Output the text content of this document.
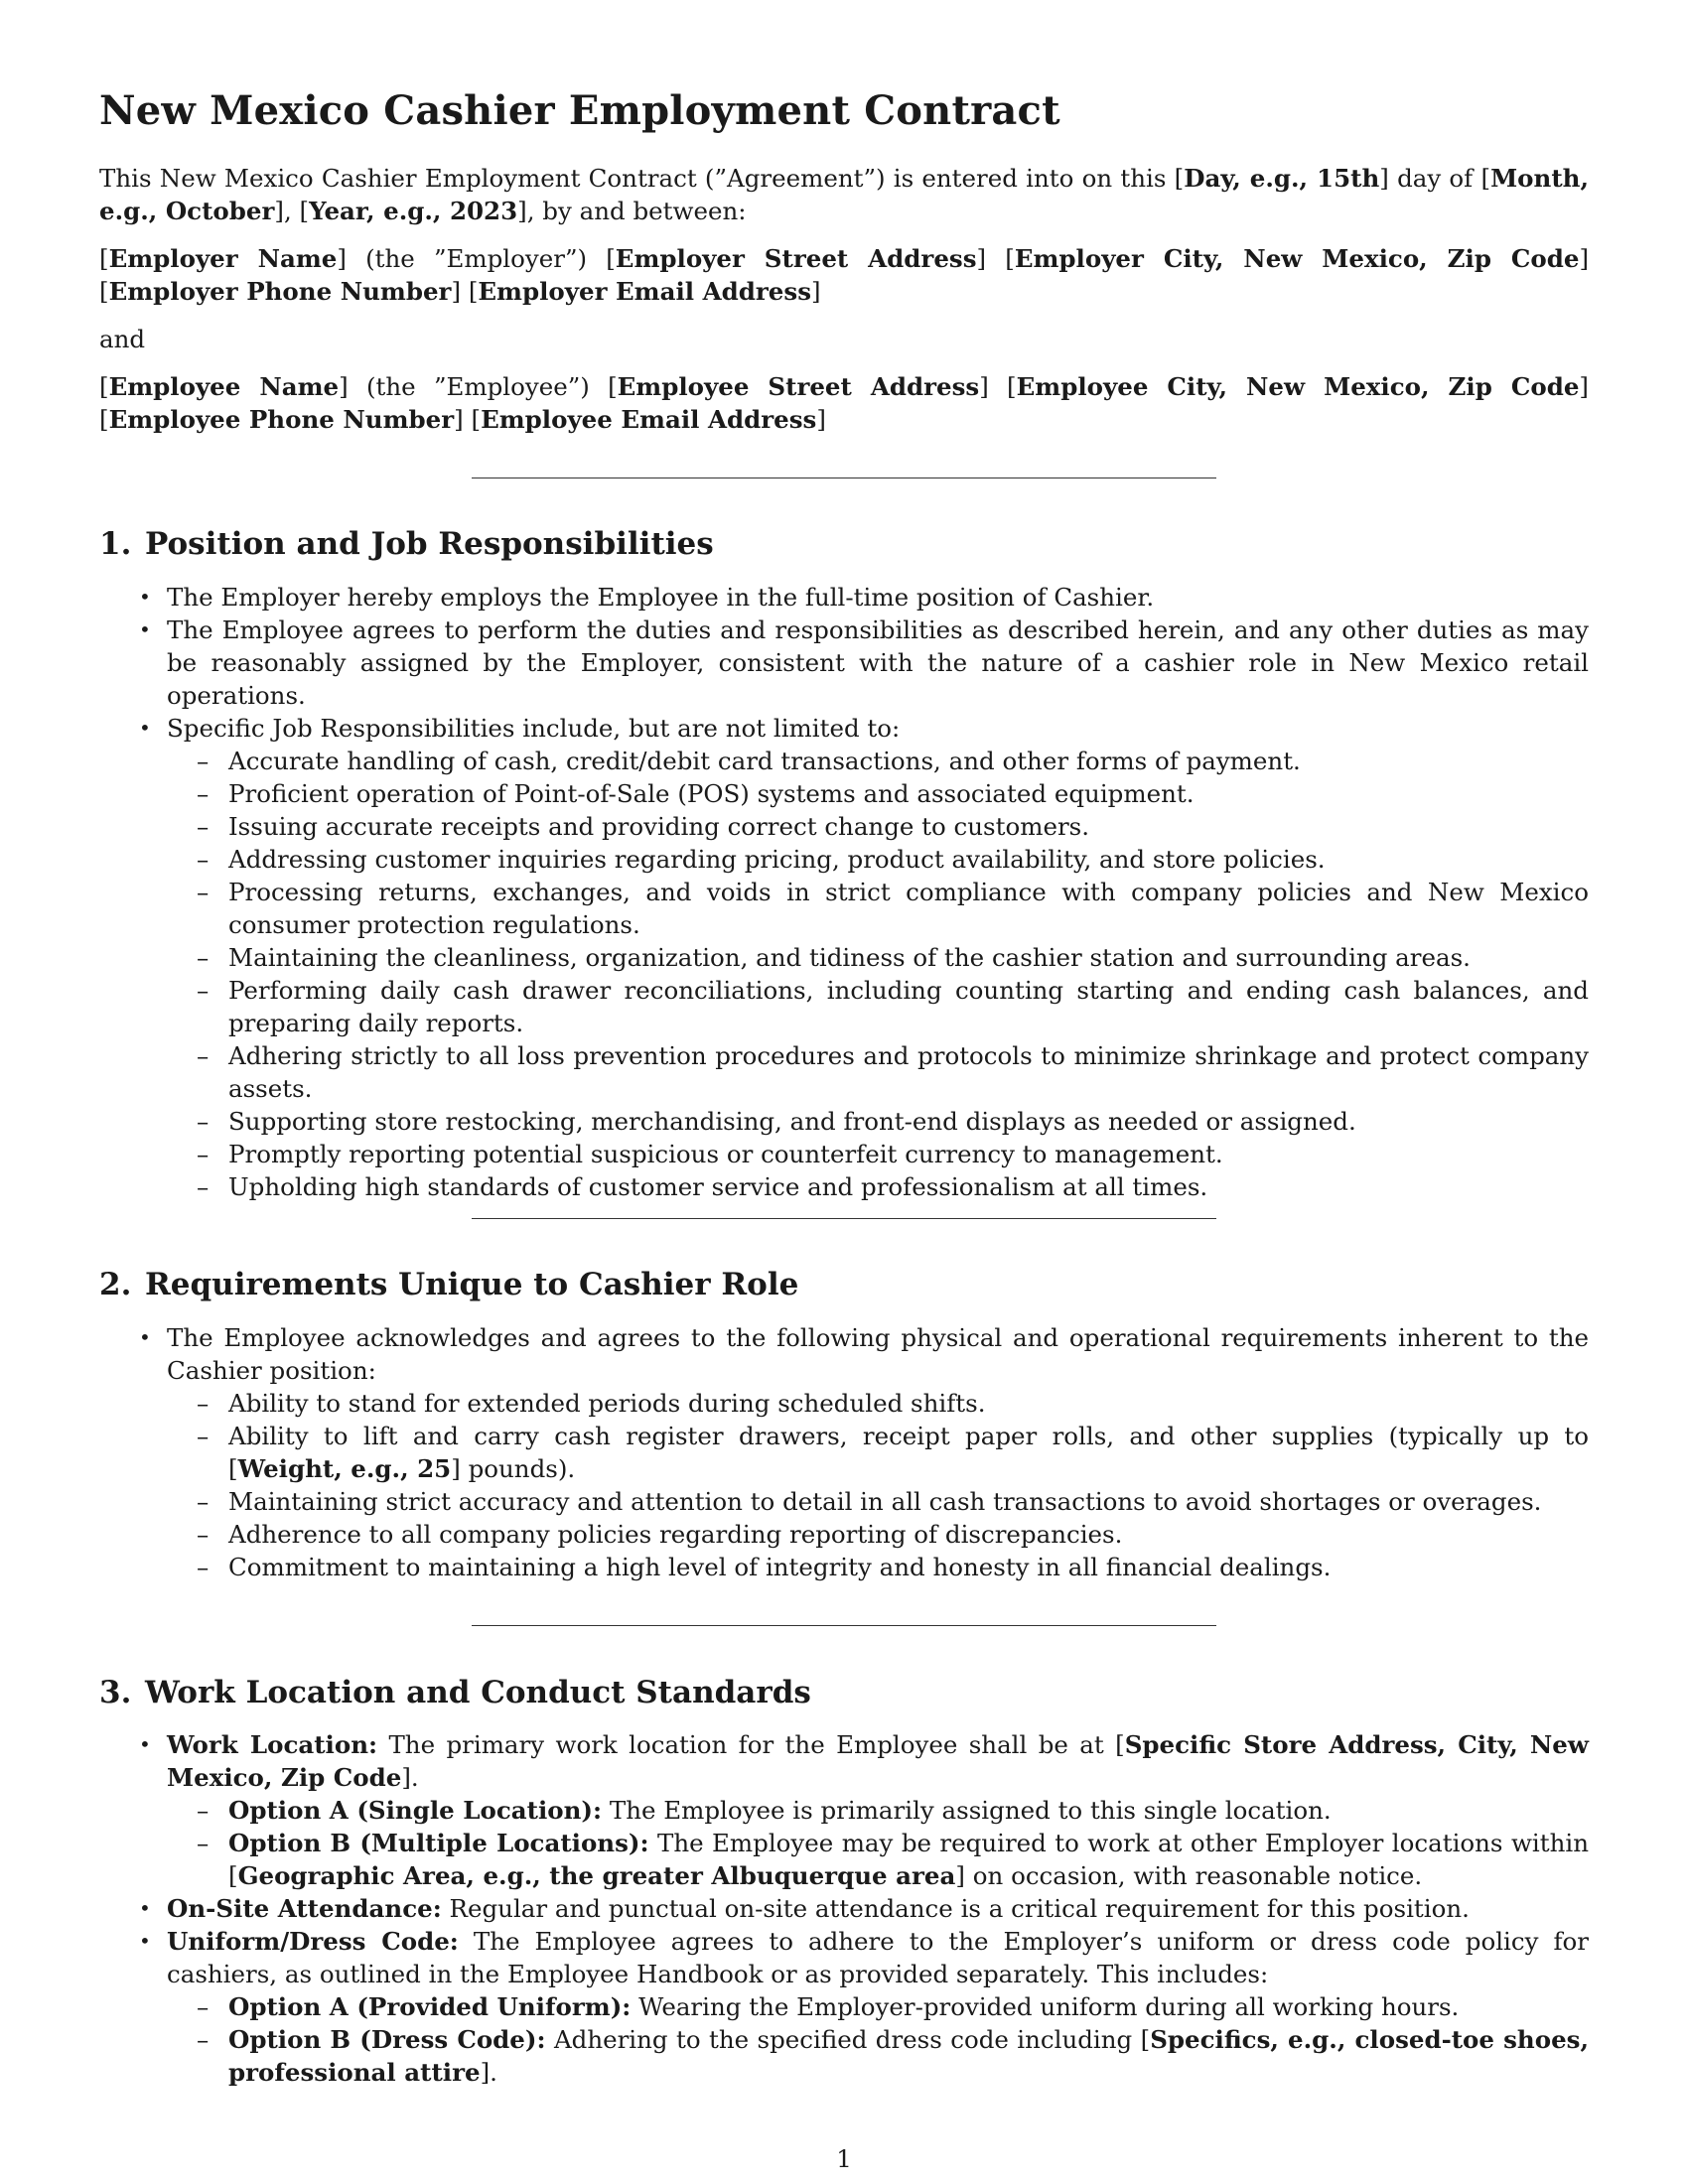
New Mexico Cashier Employment Contract

This New Mexico Cashier Employment Contract (”Agreement”) is entered into on this [Day, e.g., 15th] day of [Month, e.g., October], [Year, e.g., 2023], by and between:

[Employer Name] (the ”Employer”) [Employer Street Address] [Employer City, New Mexico, Zip Code] [Employer Phone Number] [Employer Email Address]

and

[Employee Name] (the ”Employee”) [Employee Street Address] [Employee City, New Mexico, Zip Code] [Employee Phone Number] [Employee Email Address]

1. Position and Job Responsibilities
• The Employer hereby employs the Employee in the full-time position of Cashier.
• The Employee agrees to perform the duties and responsibilities as described herein, and any other duties as may be reasonably assigned by the Employer, consistent with the nature of a cashier role in New Mexico retail operations.
• Specific Job Responsibilities include, but are not limited to:
– Accurate handling of cash, credit/debit card transactions, and other forms of payment.
– Proficient operation of Point-of-Sale (POS) systems and associated equipment.
– Issuing accurate receipts and providing correct change to customers.
– Addressing customer inquiries regarding pricing, product availability, and store policies.
– Processing returns, exchanges, and voids in strict compliance with company policies and New Mexico consumer protection regulations.
– Maintaining the cleanliness, organization, and tidiness of the cashier station and surrounding areas.
– Performing daily cash drawer reconciliations, including counting starting and ending cash balances, and preparing daily reports.
– Adhering strictly to all loss prevention procedures and protocols to minimize shrinkage and protect company assets.
– Supporting store restocking, merchandising, and front-end displays as needed or assigned.
– Promptly reporting potential suspicious or counterfeit currency to management.
– Upholding high standards of customer service and professionalism at all times.
2. Requirements Unique to Cashier Role
• The Employee acknowledges and agrees to the following physical and operational requirements inherent to the Cashier position:
– Ability to stand for extended periods during scheduled shifts.
– Ability to lift and carry cash register drawers, receipt paper rolls, and other supplies (typically up to [Weight, e.g., 25] pounds).
– Maintaining strict accuracy and attention to detail in all cash transactions to avoid shortages or overages.
– Adherence to all company policies regarding reporting of discrepancies.
– Commitment to maintaining a high level of integrity and honesty in all financial dealings.
3. Work Location and Conduct Standards
• Work Location: The primary work location for the Employee shall be at [Specific Store Address, City, New Mexico, Zip Code].
– Option A (Single Location): The Employee is primarily assigned to this single location.
– Option B (Multiple Locations): The Employee may be required to work at other Employer locations within [Geographic Area, e.g., the greater Albuquerque area] on occasion, with reasonable notice.
• On-Site Attendance: Regular and punctual on-site attendance is a critical requirement for this position.
• Uniform/Dress Code: The Employee agrees to adhere to the Employer’s uniform or dress code policy for cashiers, as outlined in the Employee Handbook or as provided separately. This includes:
– Option A (Provided Uniform): Wearing the Employer-provided uniform during all working hours.
– Option B (Dress Code): Adhering to the specified dress code including [Specifics, e.g., closed-toe shoes, professional attire].
1
